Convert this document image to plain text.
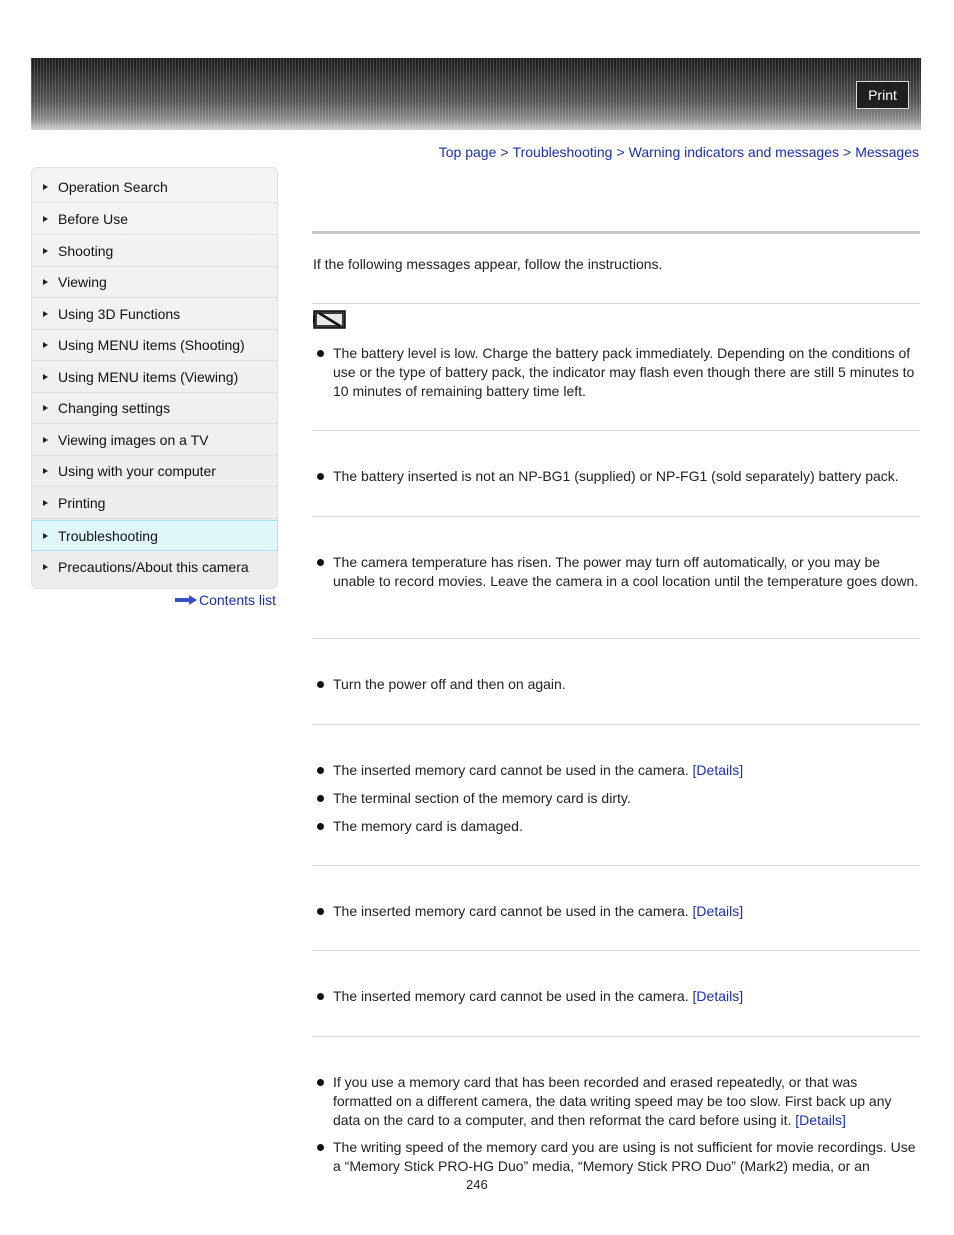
Print
Top page > Troubleshooting > Warning indicators and messages > Messages
Operation Search
Before Use
Shooting
Viewing
Using 3D Functions
Using MENU items (Shooting)
Using MENU items (Viewing)
Changing settings
Viewing images on a TV
Using with your computer
Printing
Troubleshooting
Precautions/About this camera
Contents list
If the following messages appear, follow the instructions.
The battery level is low. Charge the battery pack immediately. Depending on the conditions of use or the type of battery pack, the indicator may flash even though there are still 5 minutes to 10 minutes of remaining battery time left.
The battery inserted is not an NP-BG1 (supplied) or NP-FG1 (sold separately) battery pack.
The camera temperature has risen. The power may turn off automatically, or you may be unable to record movies. Leave the camera in a cool location until the temperature goes down.
Turn the power off and then on again.
The inserted memory card cannot be used in the camera. [Details]
The terminal section of the memory card is dirty.
The memory card is damaged.
The inserted memory card cannot be used in the camera. [Details]
The inserted memory card cannot be used in the camera. [Details]
If you use a memory card that has been recorded and erased repeatedly, or that was formatted on a different camera, the data writing speed may be too slow. First back up any data on the card to a computer, and then reformat the card before using it. [Details]
The writing speed of the memory card you are using is not sufficient for movie recordings. Use a “Memory Stick PRO-HG Duo” media, “Memory Stick PRO Duo” (Mark2) media, or an
246
